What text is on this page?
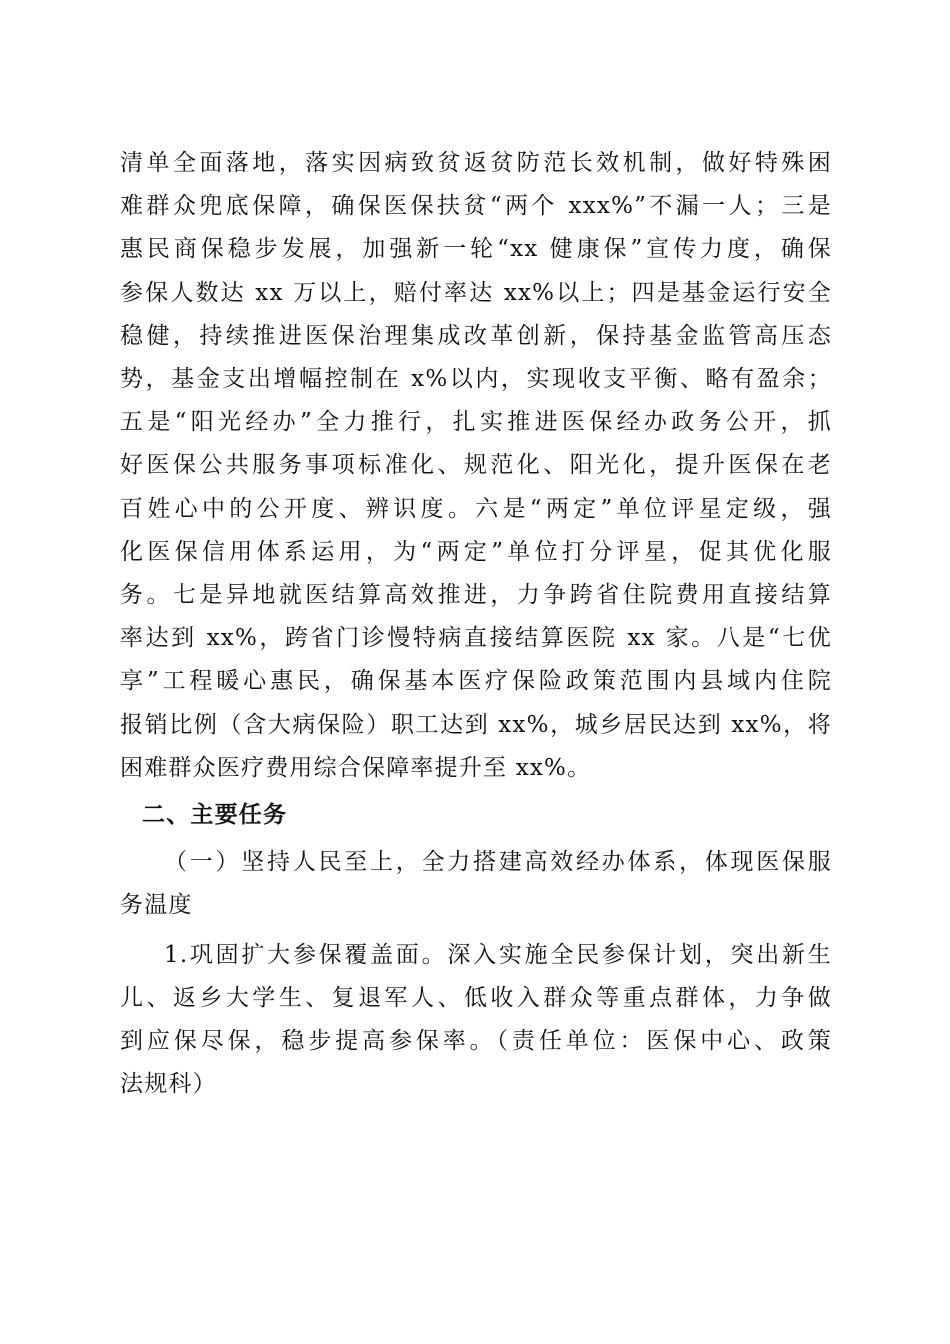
清单全面落地，落实因病致贫返贫防范长效机制，做好特殊困
难群众兜底保障，确保医保扶贫“两个 xxx%”不漏一人；三是
惠民商保稳步发展，加强新一轮“xx 健康保”宣传力度，确保
参保人数达 xx 万以上，赔付率达 xx%以上；四是基金运行安全
稳健，持续推进医保治理集成改革创新，保持基金监管高压态
势，基金支出增幅控制在 x%以内，实现收支平衡、略有盈余；
五是“阳光经办”全力推行，扎实推进医保经办政务公开，抓
好医保公共服务事项标准化、规范化、阳光化，提升医保在老
百姓心中的公开度、辨识度。六是“两定”单位评星定级，强
化医保信用体系运用，为“两定”单位打分评星，促其优化服
务。七是异地就医结算高效推进，力争跨省住院费用直接结算
率达到 xx%，跨省门诊慢特病直接结算医院 xx 家。八是“七优
享”工程暖心惠民，确保基本医疗保险政策范围内县域内住院
报销比例（含大病保险）职工达到 xx%，城乡居民达到 xx%，将
困难群众医疗费用综合保障率提升至 xx%。
二、主要任务
（一）坚持人民至上，全力搭建高效经办体系，体现医保服
务温度
1.巩固扩大参保覆盖面。深入实施全民参保计划，突出新生
儿、返乡大学生、复退军人、低收入群众等重点群体，力争做
到应保尽保，稳步提高参保率。（责任单位：医保中心、政策
法规科）
